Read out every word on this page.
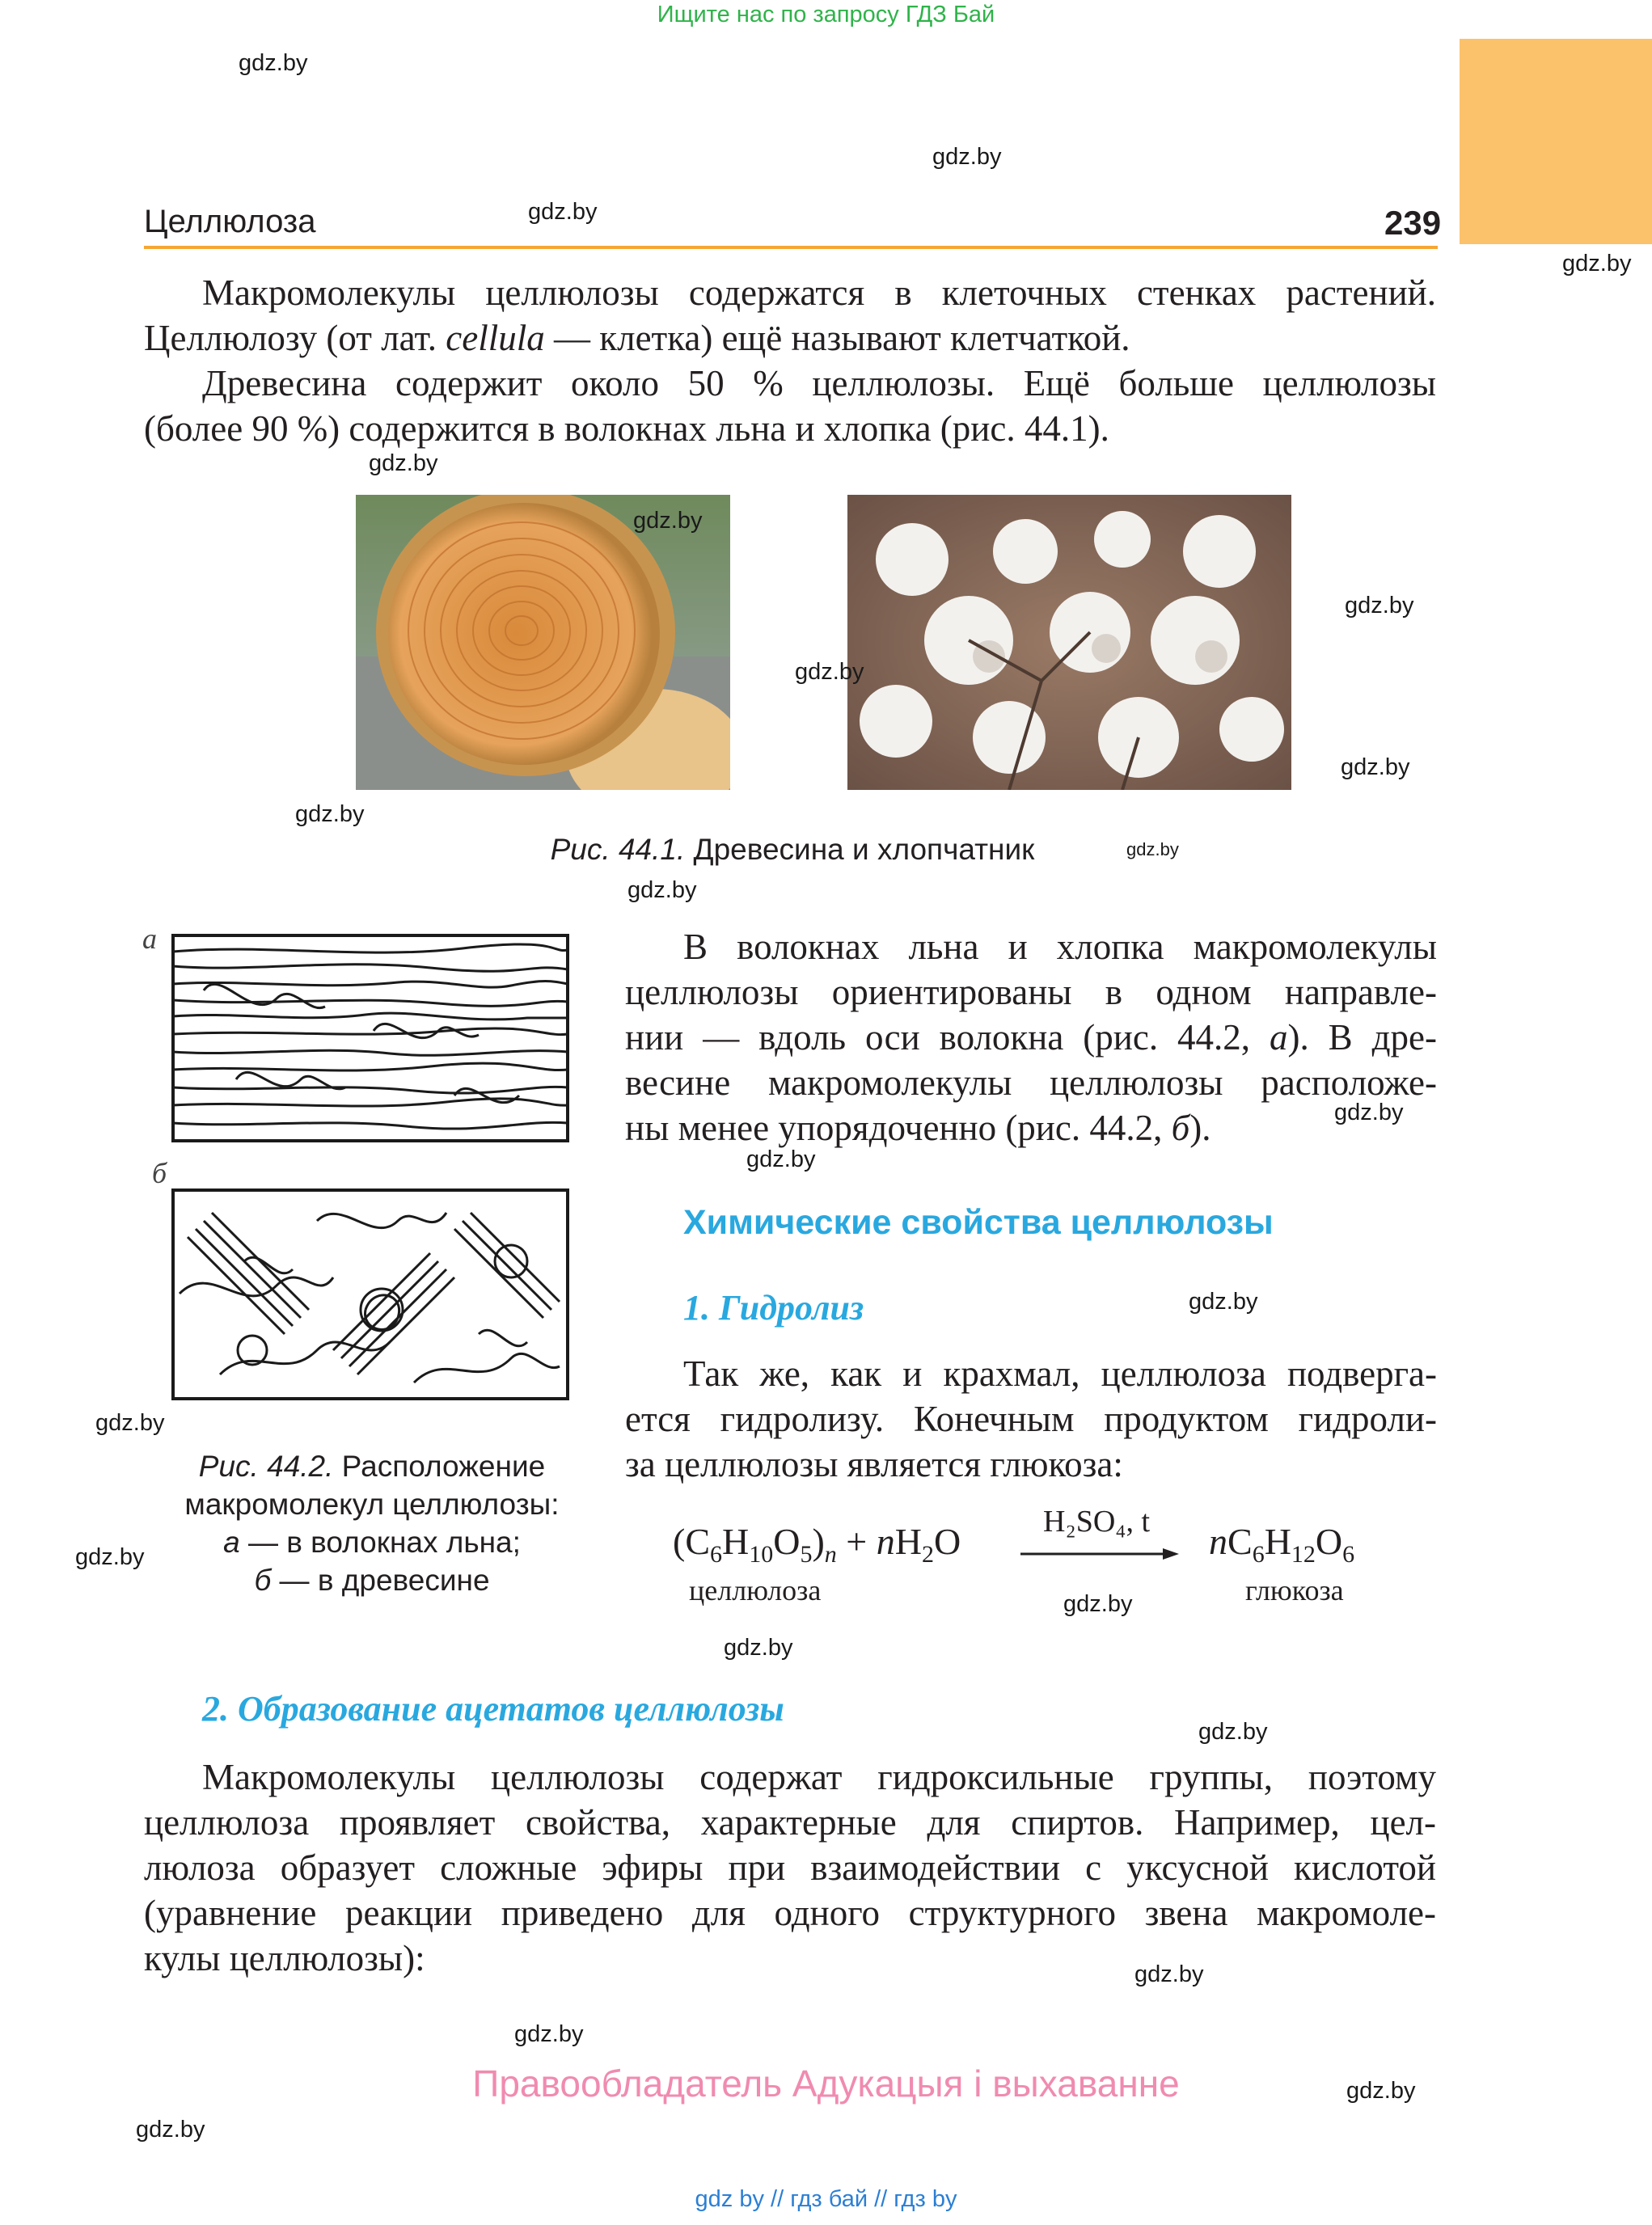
Ищите нас по запросу ГДЗ Бай
Целлюлоза	239
Макромолекулы целлюлозы содержатся в клеточных стенках растений.
Целлюлозу (от лат. cellula — клетка) ещё называют клетчаткой.
Древесина содержит около 50 % целлюлозы. Ещё больше целлюлозы
(более 90 %) содержится в волокнах льна и хлопка (рис. 44.1).
Рис. 44.1. Древесина и хлопчатник
а
б
Рис. 44.2. Расположение
макромолекул целлюлозы:
а — в волокнах льна;
б — в древесине
В волокнах льна и хлопка макромолекулы
целлюлозы ориентированы в одном направле-
нии — вдоль оси волокна (рис. 44.2, а). В дре-
весине макромолекулы целлюлозы расположе-
ны менее упорядоченно (рис. 44.2, б).
Химические свойства целлюлозы
1. Гидролиз
Так же, как и крахмал, целлюлоза подверга-
ется гидролизу. Конечным продуктом гидроли-
за целлюлозы является глюкоза:
$(C_6H_{10}O_5)_n + nH_2O$	H₂SO₄, t $nC_6H_{12}O_6$
целлюлоза	глюкоза
2. Образование ацетатов целлюлозы
Макромолекулы целлюлозы содержат гидроксильные группы, поэтому
целлюлоза проявляет свойства, характерные для спиртов. Например, цел-
люлоза образует сложные эфиры при взаимодействии с уксусной кислотой
(уравнение реакции приведено для одного структурного звена макромоле-
кулы целлюлозы):
Правообладатель Адукацыя і выхаванне
gdz by // гдз бай // гдз by
gdz.by
gdz.by
gdz.by
gdz.by
gdz.by
gdz.by
gdz.by
gdz.by
gdz.by
gdz.by
gdz.by
gdz.by
gdz.by
gdz.by
gdz.by
gdz.by
gdz.by
gdz.by
gdz.by
gdz.by
gdz.by
gdz.by
gdz.by
gdz.by
